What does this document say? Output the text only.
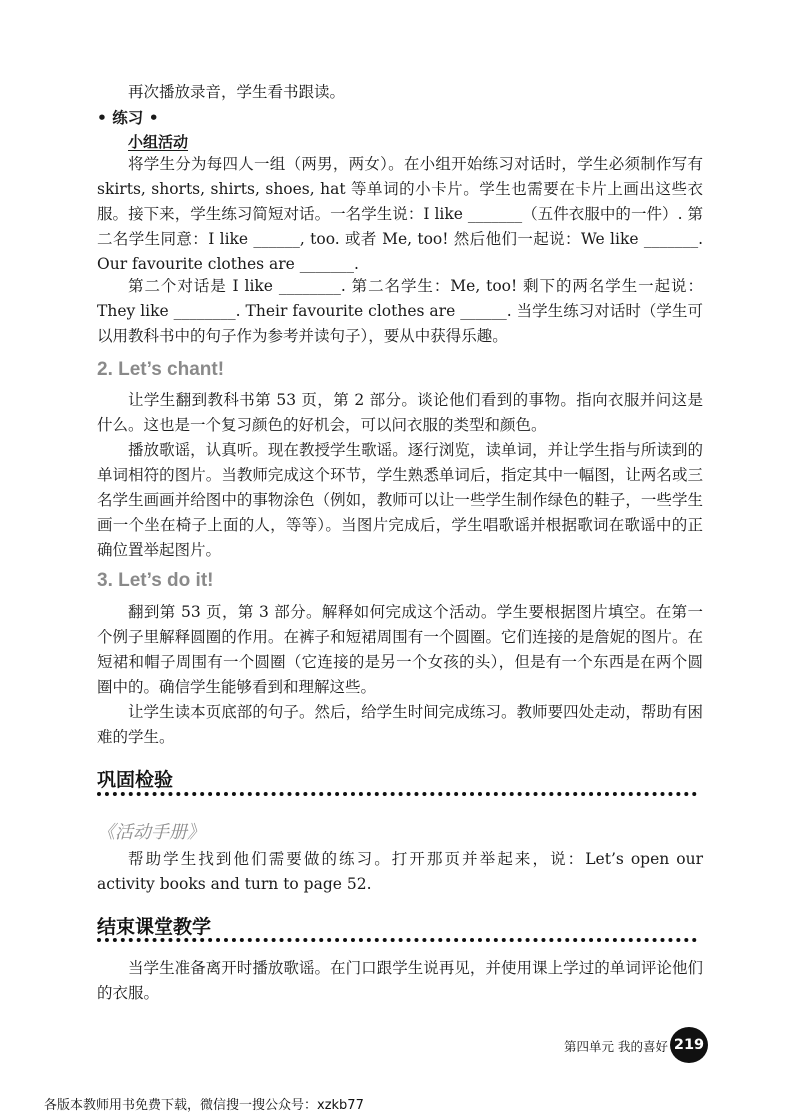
再次播放录音，学生看书跟读。

• 练习 •
小组活动

将学生分为每四人一组（两男，两女）。在小组开始练习对话时，学生必须制作写有 skirts, shorts, shirts, shoes, hat 等单词的小卡片。学生也需要在卡片上画出这些衣服。接下来，学生练习简短对话。一名学生说：I like _______（五件衣服中的一件）. 第二名学生同意：I like ______, too. 或者 Me, too! 然后他们一起说：We like _______. Our favourite clothes are _______.

第二个对话是 I like ________. 第二名学生：Me, too! 剩下的两名学生一起说：They like ________. Their favourite clothes are ______. 当学生练习对话时（学生可以用教科书中的句子作为参考并读句子），要从中获得乐趣。

2. Let’s chant!

让学生翻到教科书第 53 页，第 2 部分。谈论他们看到的事物。指向衣服并问这是什么。这也是一个复习颜色的好机会，可以问衣服的类型和颜色。

播放歌谣，认真听。现在教授学生歌谣。逐行浏览，读单词，并让学生指与所读到的单词相符的图片。当教师完成这个环节，学生熟悉单词后，指定其中一幅图，让两名或三名学生画画并给图中的事物涂色（例如，教师可以让一些学生制作绿色的鞋子，一些学生画一个坐在椅子上面的人，等等）。当图片完成后，学生唱歌谣并根据歌词在歌谣中的正确位置举起图片。

3. Let’s do it!

翻到第 53 页，第 3 部分。解释如何完成这个活动。学生要根据图片填空。在第一个例子里解释圆圈的作用。在裤子和短裙周围有一个圆圈。它们连接的是詹妮的图片。在短裙和帽子周围有一个圆圈（它连接的是另一个女孩的头），但是有一个东西是在两个圆圈中的。确信学生能够看到和理解这些。

让学生读本页底部的句子。然后，给学生时间完成练习。教师要四处走动，帮助有困难的学生。

巩固检验
《活动手册》

帮助学生找到他们需要做的练习。打开那页并举起来，说：Let’s open our activity books and turn to page 52.

结束课堂教学

当学生准备离开时播放歌谣。在门口跟学生说再见，并使用课上学过的单词评论他们的衣服。

第四单元 我的喜好 219
各版本教师用书免费下载，微信搜一搜公众号：xzkb77
